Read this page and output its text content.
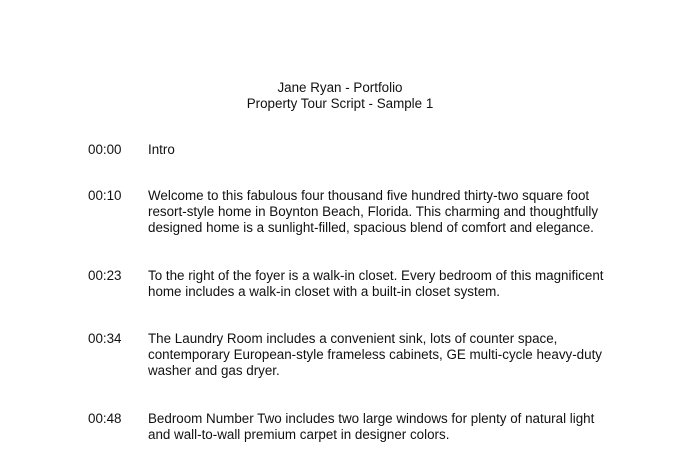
Jane Ryan - Portfolio
Property Tour Script - Sample 1
00:00	Intro
00:10	Welcome to this fabulous four thousand five hundred thirty-two square foot resort-style home in Boynton Beach, Florida. This charming and thoughtfully designed home is a sunlight-filled, spacious blend of comfort and elegance.
00:23	To the right of the foyer is a walk-in closet. Every bedroom of this magnificent home includes a walk-in closet with a built-in closet system.
00:34	The Laundry Room includes a convenient sink, lots of counter space, contemporary European-style frameless cabinets, GE multi-cycle heavy-duty washer and gas dryer.
00:48	Bedroom Number Two includes two large windows for plenty of natural light and wall-to-wall premium carpet in designer colors.
